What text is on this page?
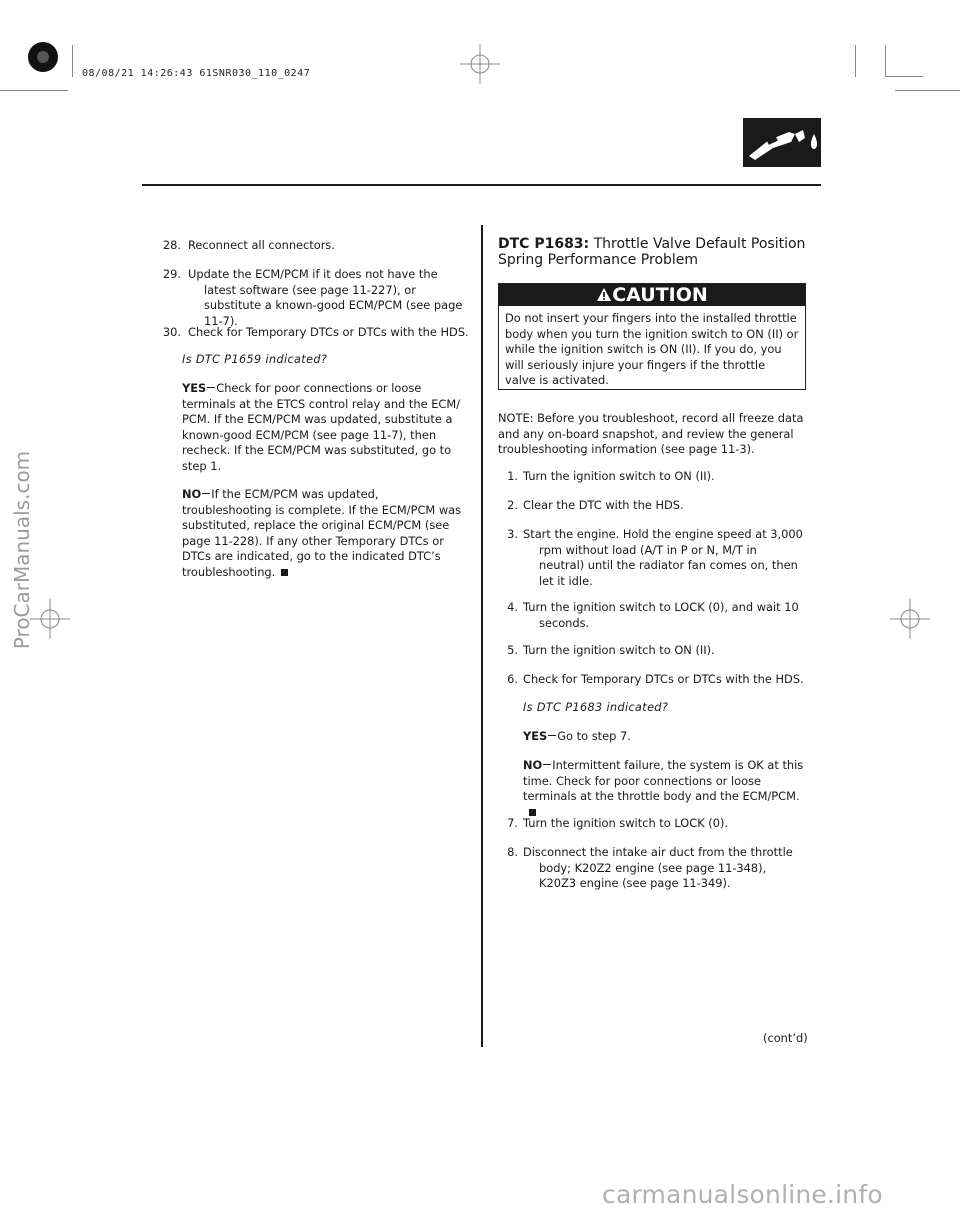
08/08/21 14:26:43 61SNR030_110_0247
ProCarManuals.com
28. Reconnect all connectors.
29. Update the ECM/PCM if it does not have the latest software (see page 11-227), or substitute a known-good ECM/PCM (see page 11-7).
30. Check for Temporary DTCs or DTCs with the HDS.
Is DTC P1659 indicated?
YES Check for poor connections or loose terminals at the ETCS control relay and the ECM/ PCM. If the ECM/PCM was updated, substitute a known-good ECM/PCM (see page 11-7), then recheck. If the ECM/PCM was substituted, go to step 1.
NO If the ECM/PCM was updated, troubleshooting is complete. If the ECM/PCM was substituted, replace the original ECM/PCM (see page 11-228). If any other Temporary DTCs or DTCs are indicated, go to the indicated DTC’s troubleshooting.
DTC P1683: Throttle Valve Default Position Spring Performance Problem
CAUTION
Do not insert your fingers into the installed throttle body when you turn the ignition switch to ON (II) or while the ignition switch is ON (II). If you do, you will seriously injure your fingers if the throttle valve is activated.
NOTE: Before you troubleshoot, record all freeze data and any on-board snapshot, and review the general troubleshooting information (see page 11-3).
1. Turn the ignition switch to ON (II).
2. Clear the DTC with the HDS.
3. Start the engine. Hold the engine speed at 3,000 rpm without load (A/T in P or N, M/T in neutral) until the radiator fan comes on, then let it idle.
4. Turn the ignition switch to LOCK (0), and wait 10 seconds.
5. Turn the ignition switch to ON (II).
6. Check for Temporary DTCs or DTCs with the HDS.
Is DTC P1683 indicated?
YES Go to step 7.
NO Intermittent failure, the system is OK at this time. Check for poor connections or loose terminals at the throttle body and the ECM/PCM.
7. Turn the ignition switch to LOCK (0).
8. Disconnect the intake air duct from the throttle body; K20Z2 engine (see page 11-348), K20Z3 engine (see page 11-349).
(cont’d)
carmanualsonline.info
